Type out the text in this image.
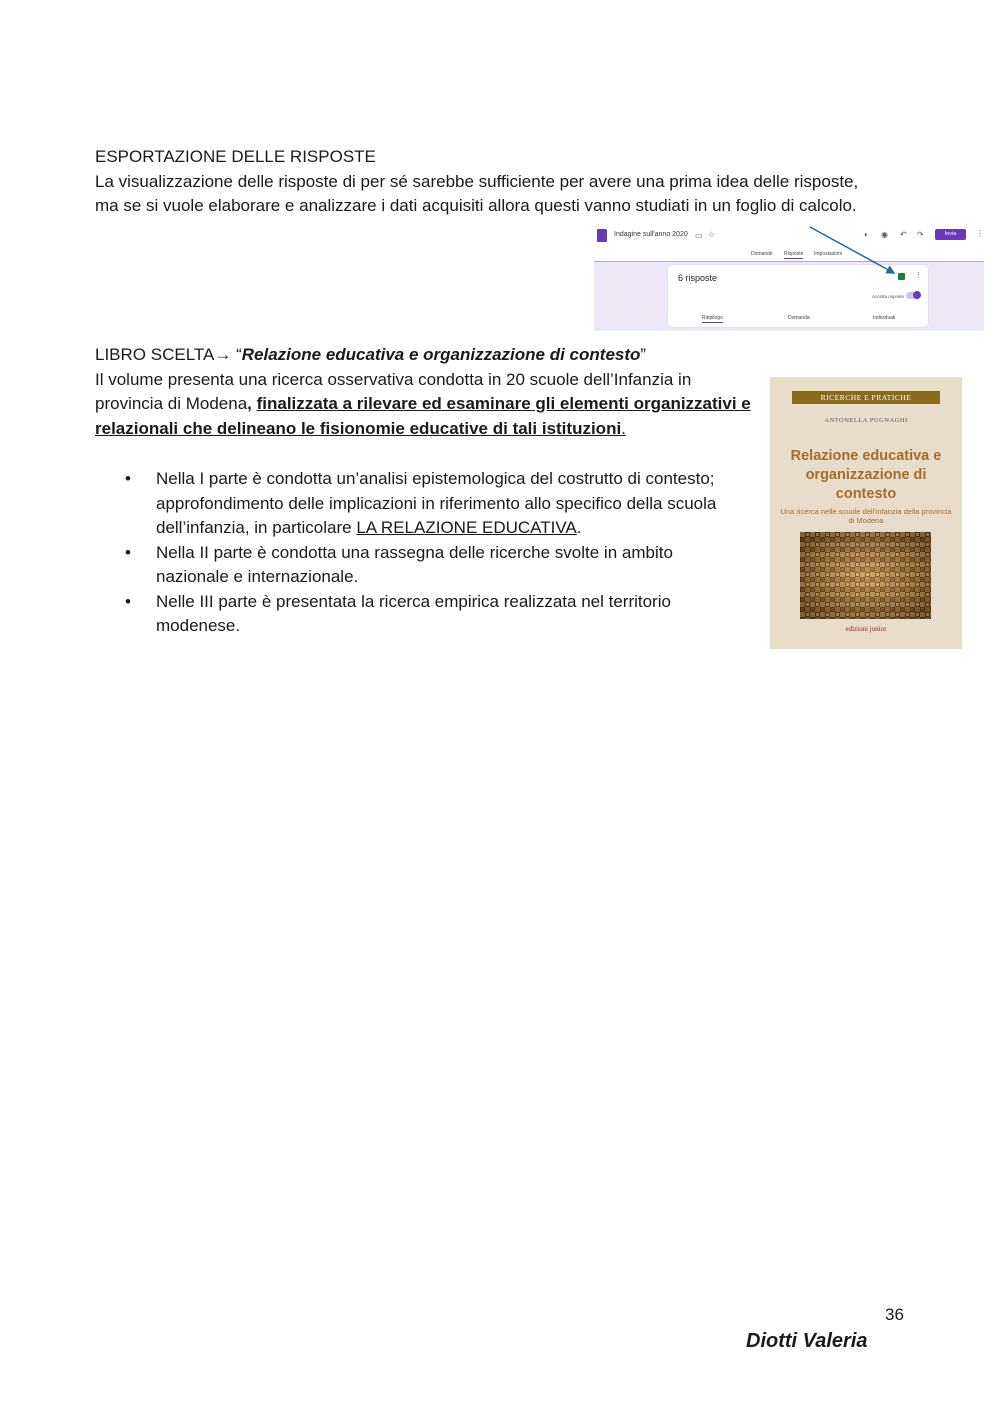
ESPORTAZIONE DELLE RISPOSTE
La visualizzazione delle risposte di per sé sarebbe sufficiente per avere una prima idea delle risposte, ma se si vuole elaborare e analizzare i dati acquisiti allora questi vanno studiati in un foglio di calcolo.
Indagine sull'anno 2020 ▭ ☆	◐ ◉ ↶ ↷	Invia	⋮
Domande Risposte Impostazioni
6 risposte	⋮
Accetta risposte
Riepilogo	Domanda	Individuali
LIBRO SCELTA→ “Relazione educativa e organizzazione di contesto”
Il volume presenta una ricerca osservativa condotta in 20 scuole dell’Infanzia in provincia di Modena, finalizzata a rilevare ed esaminare gli elementi organizzativi e relazionali che delineano le fisionomie educative di tali istituzioni.
• Nella I parte è condotta un’analisi epistemologica del costrutto di contesto; approfondimento delle implicazioni in riferimento allo specifico della scuola dell’infanzia, in particolare LA RELAZIONE EDUCATIVA.
• Nella II parte è condotta una rassegna delle ricerche svolte in ambito nazionale e internazionale.
• Nelle III parte è presentata la ricerca empirica realizzata nel territorio modenese.
RICERCHE E PRATICHE
ANTONELLA PUGNAGHI
Relazione educativa e organizzazione di contesto
Una ricerca nelle scuole dell'infanzia della provincia di Modena
edizioni junior
36
Diotti Valeria
